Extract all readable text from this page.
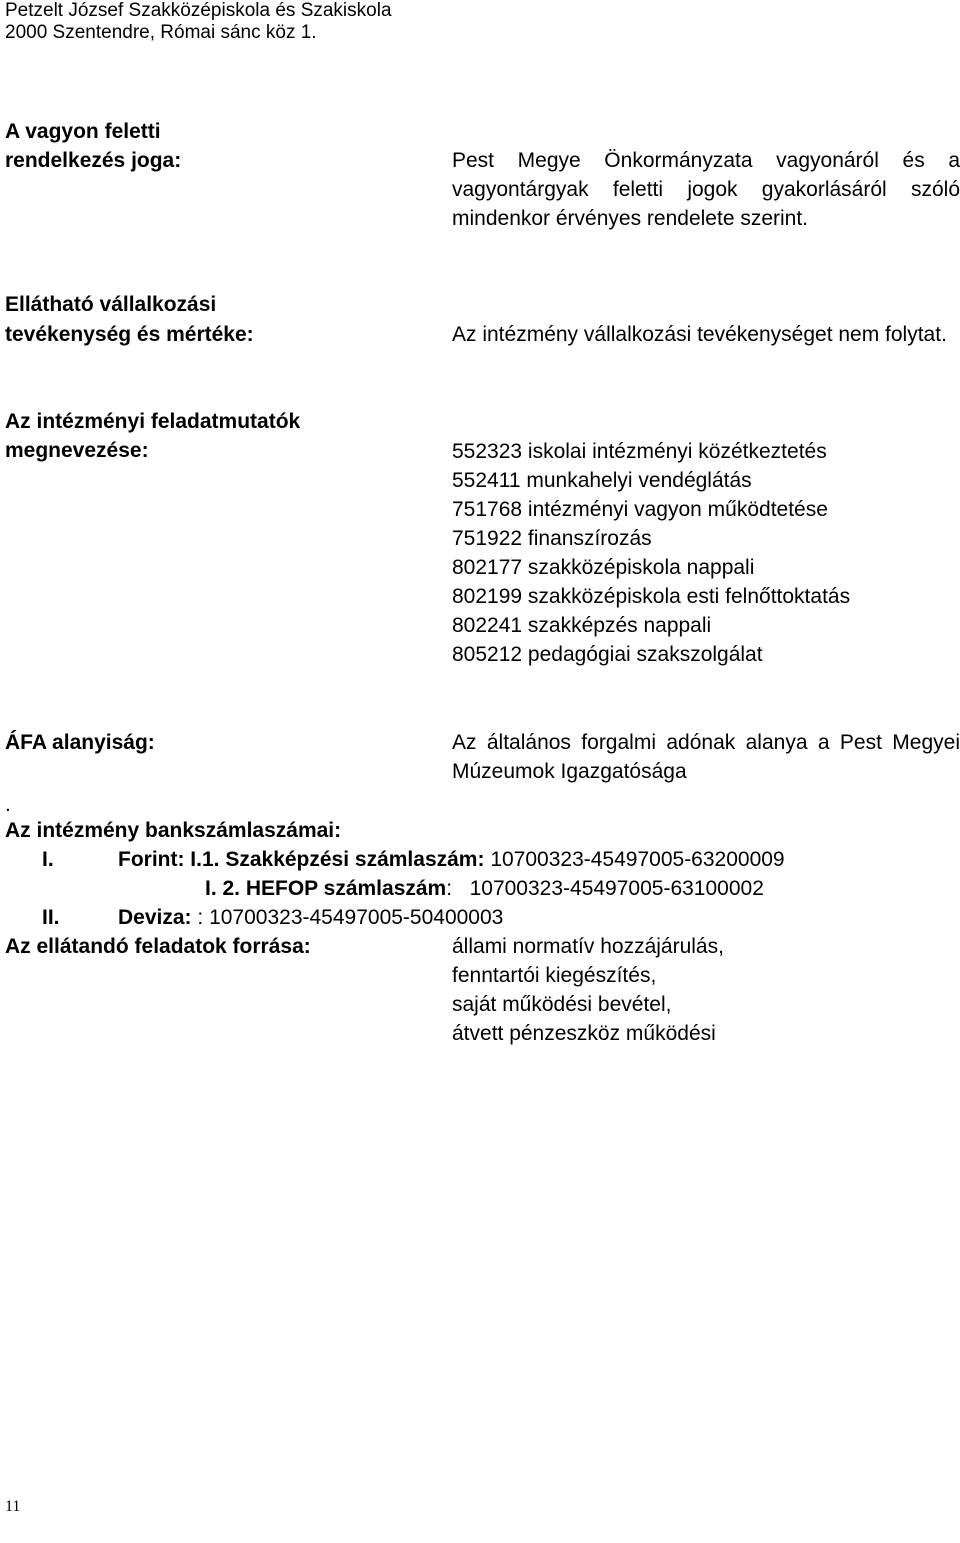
Petzelt József Szakközépiskola és Szakiskola
2000 Szentendre, Római sánc köz 1.
A vagyon feletti
rendelkezés joga:	Pest Megye Önkormányzata vagyonáról és a vagyontárgyak feletti jogok gyakorlásáról szóló mindenkor érvényes rendelete szerint.
Ellátható vállalkozási
tevékenység és mértéke:	Az intézmény vállalkozási tevékenységet nem folytat.
Az intézményi feladatmutatók
megnevezése:	552323 iskolai intézményi közétkeztetés
552411 munkahelyi vendéglátás
751768 intézményi vagyon működtetése
751922 finanszírozás
802177 szakközépiskola nappali
802199 szakközépiskola esti felnőttoktatás
802241 szakképzés nappali
805212 pedagógiai szakszolgálat
ÁFA alanyiság:	Az általános forgalmi adónak alanya a Pest Megyei Múzeumok Igazgatósága
.
Az intézmény bankszámlaszámai:
I.	Forint: I.1. Szakképzési számlaszám: 10700323-45497005-63200009
I. 2. HEFOP számlaszám: 10700323-45497005-63100002
II.	Deviza: : 10700323-45497005-50400003
Az ellátandó feladatok forrása:	állami normatív hozzájárulás,
fenntartói kiegészítés,
saját működési bevétel,
átvett pénzeszköz működési
11
